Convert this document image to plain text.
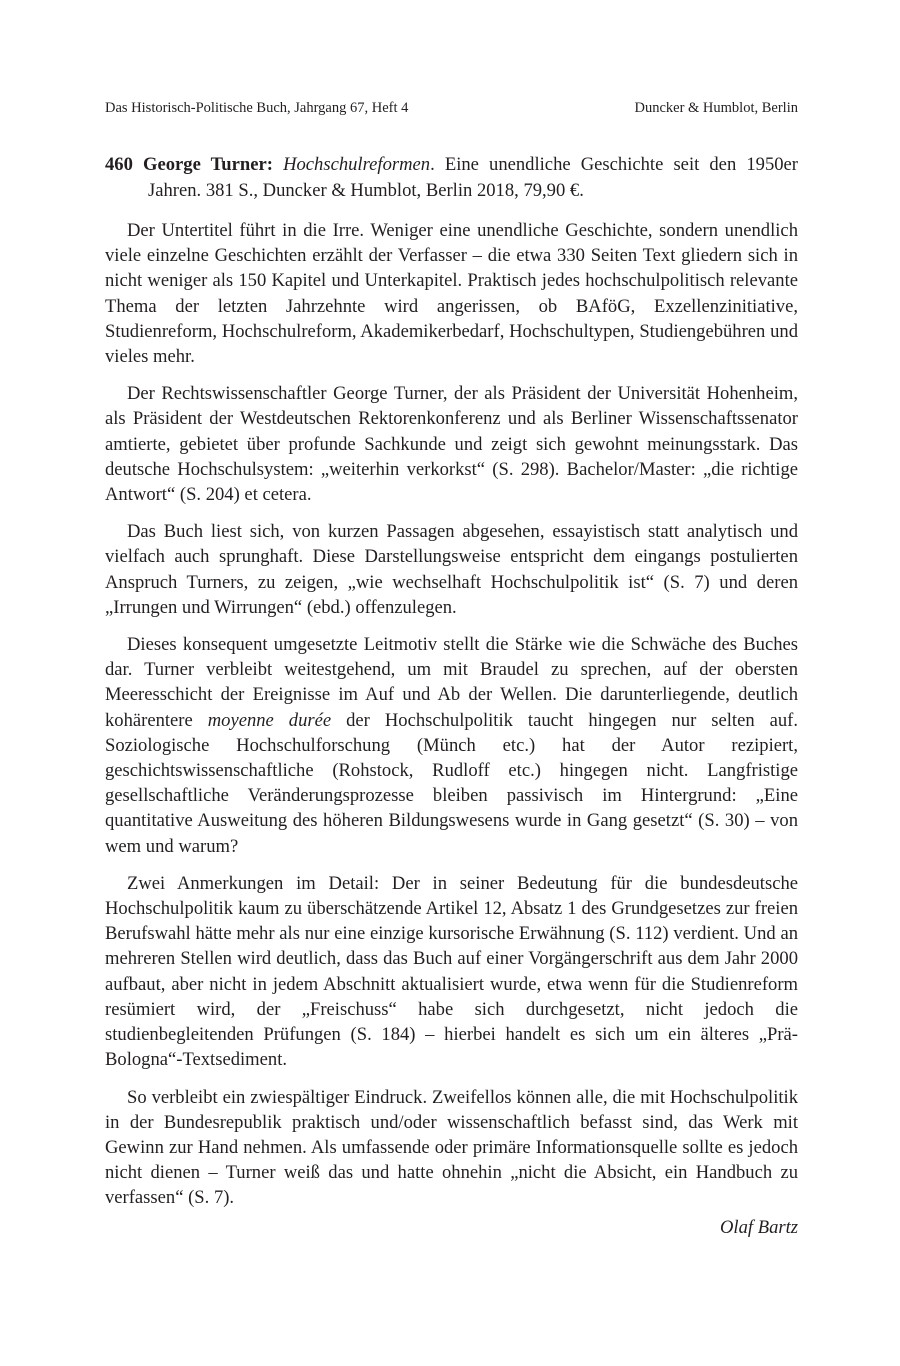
Das Historisch-Politische Buch, Jahrgang 67, Heft 4	Duncker & Humblot, Berlin

460 George Turner: Hochschulreformen. Eine unendliche Geschichte seit den 1950er Jahren. 381 S., Duncker & Humblot, Berlin 2018, 79,90 €.

Der Untertitel führt in die Irre. Weniger eine unendliche Geschichte, sondern unendlich viele einzelne Geschichten erzählt der Verfasser – die etwa 330 Seiten Text gliedern sich in nicht weniger als 150 Kapitel und Unterkapitel. Praktisch jedes hochschulpolitisch relevante Thema der letzten Jahrzehnte wird angerissen, ob BAföG, Exzellenzinitiative, Studienreform, Hochschulreform, Akademikerbedarf, Hochschultypen, Studiengebühren und vieles mehr.

Der Rechtswissenschaftler George Turner, der als Präsident der Universität Hohenheim, als Präsident der Westdeutschen Rektorenkonferenz und als Berliner Wissenschaftssenator amtierte, gebietet über profunde Sachkunde und zeigt sich gewohnt meinungsstark. Das deutsche Hochschulsystem: „weiterhin verkorkst“ (S. 298). Bachelor/Master: „die richtige Antwort“ (S. 204) et cetera.

Das Buch liest sich, von kurzen Passagen abgesehen, essayistisch statt analytisch und vielfach auch sprunghaft. Diese Darstellungsweise entspricht dem eingangs postulierten Anspruch Turners, zu zeigen, „wie wechselhaft Hochschulpolitik ist“ (S. 7) und deren „Irrungen und Wirrungen“ (ebd.) offenzulegen.

Dieses konsequent umgesetzte Leitmotiv stellt die Stärke wie die Schwäche des Buches dar. Turner verbleibt weitestgehend, um mit Braudel zu sprechen, auf der obersten Meeresschicht der Ereignisse im Auf und Ab der Wellen. Die darunterliegende, deutlich kohärentere moyenne durée der Hochschulpolitik taucht hingegen nur selten auf. Soziologische Hochschulforschung (Münch etc.) hat der Autor rezipiert, geschichtswissenschaftliche (Rohstock, Rudloff etc.) hingegen nicht. Langfristige gesellschaftliche Veränderungsprozesse bleiben passivisch im Hintergrund: „Eine quantitative Ausweitung des höheren Bildungswesens wurde in Gang gesetzt“ (S. 30) – von wem und warum?

Zwei Anmerkungen im Detail: Der in seiner Bedeutung für die bundesdeutsche Hochschulpolitik kaum zu überschätzende Artikel 12, Absatz 1 des Grundgesetzes zur freien Berufswahl hätte mehr als nur eine einzige kursorische Erwähnung (S. 112) verdient. Und an mehreren Stellen wird deutlich, dass das Buch auf einer Vorgängerschrift aus dem Jahr 2000 aufbaut, aber nicht in jedem Abschnitt aktualisiert wurde, etwa wenn für die Studienreform resümiert wird, der „Freischuss“ habe sich durchgesetzt, nicht jedoch die studienbegleitenden Prüfungen (S. 184) – hierbei handelt es sich um ein älteres „Prä-Bologna“-Textsediment.

So verbleibt ein zwiespältiger Eindruck. Zweifellos können alle, die mit Hochschulpolitik in der Bundesrepublik praktisch und/oder wissenschaftlich befasst sind, das Werk mit Gewinn zur Hand nehmen. Als umfassende oder primäre Informationsquelle sollte es jedoch nicht dienen – Turner weiß das und hatte ohnehin „nicht die Absicht, ein Handbuch zu verfassen“ (S. 7).

Olaf Bartz
